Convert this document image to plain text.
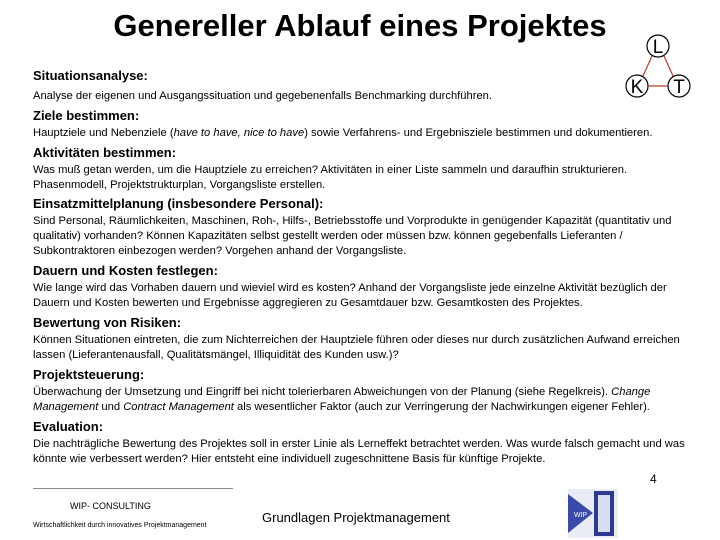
Genereller Ablauf eines Projektes
L
K T

Situationsanalyse:

Analyse der eigenen und Ausgangssituation und gegebenenfalls Benchmarking durchführen.

Ziele bestimmen:

Hauptziele und Nebenziele (have to have, nice to have) sowie Verfahrens- und Ergebnisziele bestimmen und dokumentieren.

Aktivitäten bestimmen:

Was muß getan werden, um die Hauptziele zu erreichen? Aktivitäten in einer Liste sammeln und daraufhin strukturieren. Phasenmodell, Projektstrukturplan, Vorgangsliste erstellen.

Einsatzmittelplanung (insbesondere Personal):

Sind Personal, Räumlichkeiten, Maschinen, Roh-, Hilfs-, Betriebsstoffe und Vorprodukte in genügender Kapazität (quantitativ und qualitativ) vorhanden? Können Kapazitäten selbst gestellt werden oder müssen bzw. können gegebenfalls Lieferanten / Subkontraktoren einbezogen werden? Vorgehen anhand der Vorgangsliste.

Dauern und Kosten festlegen:

Wie lange wird das Vorhaben dauern und wieviel wird es kosten? Anhand der Vorgangsliste jede einzelne Aktivität bezüglich der Dauern und Kosten bewerten und Ergebnisse aggregieren zu Gesamtdauer bzw. Gesamtkosten des Projektes.

Bewertung von Risiken:

Können Situationen eintreten, die zum Nichterreichen der Hauptziele führen oder dieses nur durch zusätzlichen Aufwand erreichen lassen (Lieferantenausfall, Qualitätsmängel, Illiquidität des Kunden usw.)?

Projektsteuerung:

Überwachung der Umsetzung und Eingriff bei nicht tolerierbaren Abweichungen von der Planung (siehe Regelkreis). Change Management und Contract Management als wesentlicher Faktor (auch zur Verringerung der Nachwirkungen eigener Fehler).

Evaluation:

Die nachträgliche Bewertung des Projektes soll in erster Linie als Lerneffekt betrachtet werden. Was wurde falsch gemacht und was könnte wie verbessert werden? Hier entsteht eine individuell zugeschnittene Basis für künftige Projekte.

WIP- CONSULTING
Wirtschaftlichkeit durch innovatives Projektmanagement
Grundlagen Projektmanagement
4
WIP
